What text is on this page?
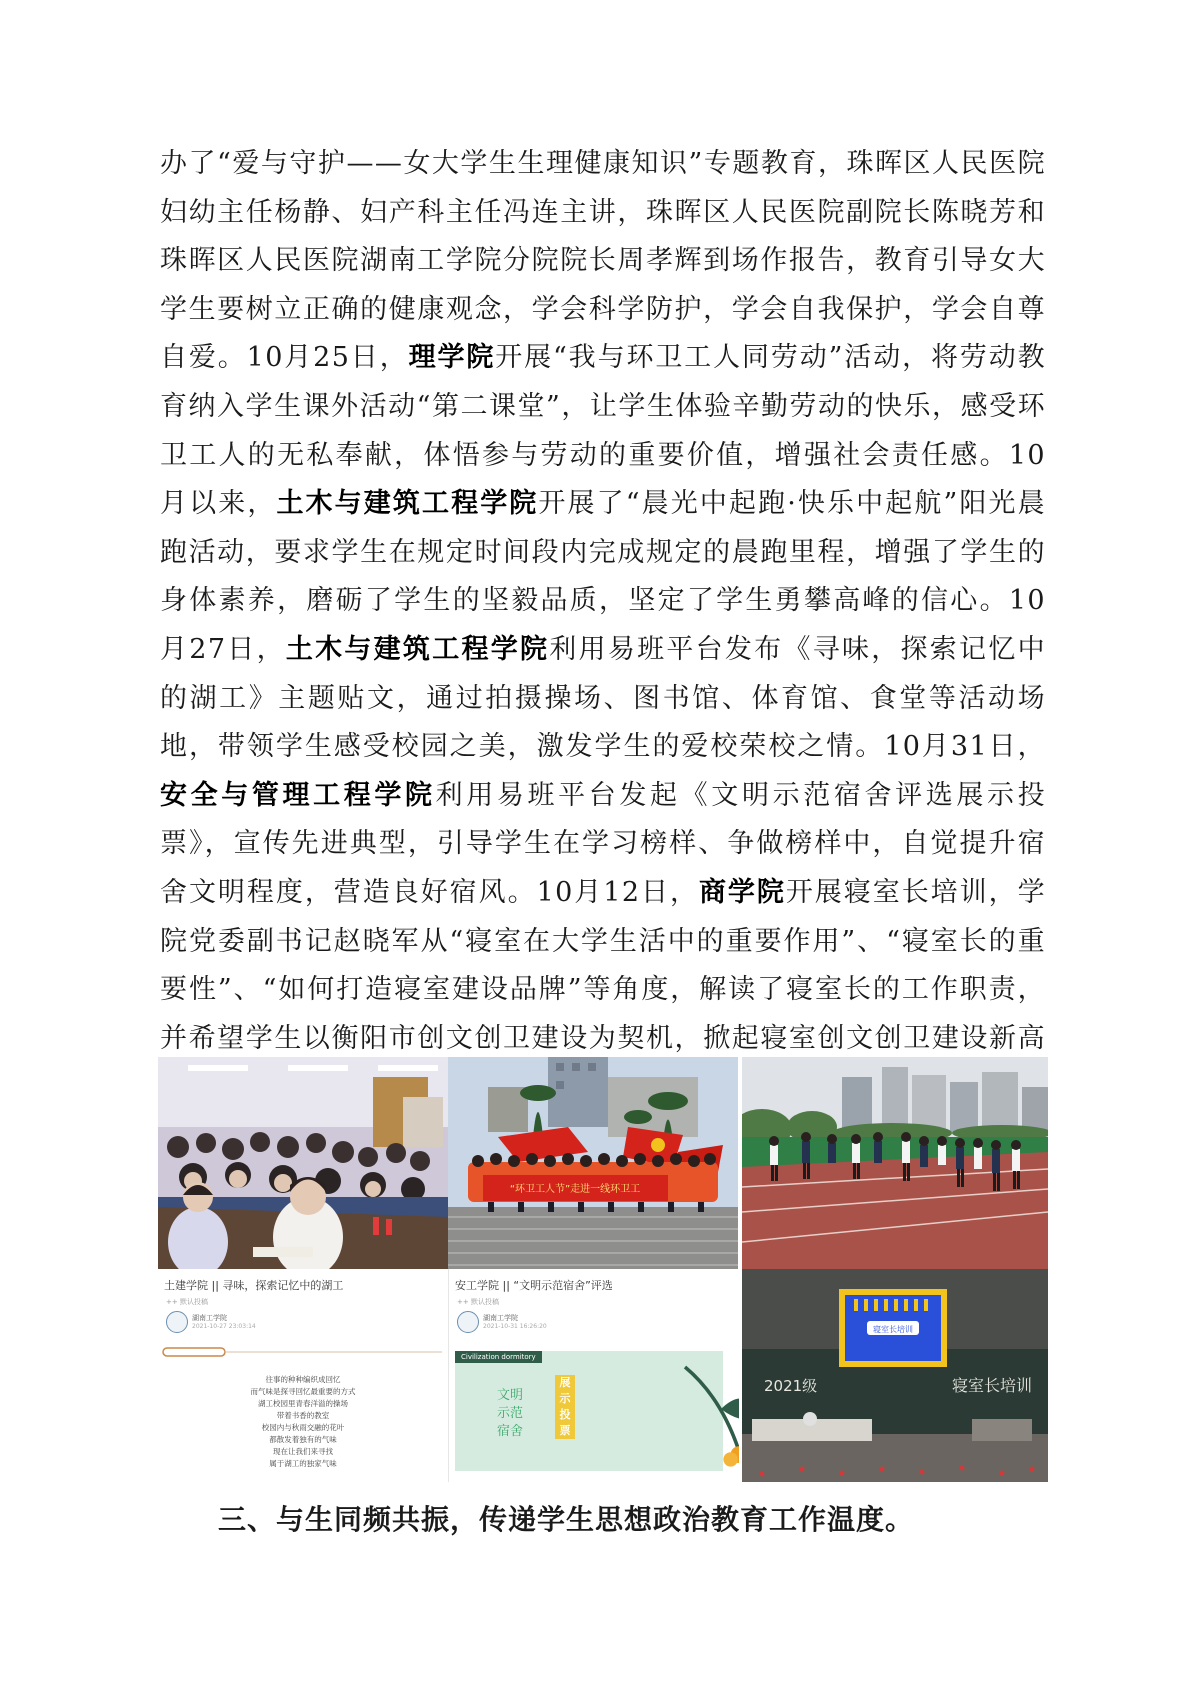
办了“爱与守护——女大学生生理健康知识”专题教育，珠晖区人民医院妇幼主任杨静、妇产科主任冯连主讲，珠晖区人民医院副院长陈晓芳和珠晖区人民医院湖南工学院分院院长周孝辉到场作报告，教育引导女大学生要树立正确的健康观念，学会科学防护，学会自我保护，学会自尊自爱。10月25日，理学院开展“我与环卫工人同劳动”活动，将劳动教育纳入学生课外活动“第二课堂”，让学生体验辛勤劳动的快乐，感受环卫工人的无私奉献，体悟参与劳动的重要价值，增强社会责任感。10月以来，土木与建筑工程学院开展了“晨光中起跑·快乐中起航”阳光晨跑活动，要求学生在规定时间段内完成规定的晨跑里程，增强了学生的身体素养，磨砺了学生的坚毅品质，坚定了学生勇攀高峰的信心。10月27日，土木与建筑工程学院利用易班平台发布《寻味，探索记忆中的湖工》主题贴文，通过拍摄操场、图书馆、体育馆、食堂等活动场地，带领学生感受校园之美，激发学生的爱校荣校之情。10月31日，安全与管理工程学院利用易班平台发起《文明示范宿舍评选展示投票》，宣传先进典型，引导学生在学习榜样、争做榜样中，自觉提升宿舍文明程度，营造良好宿风。10月12日，商学院开展寝室长培训，学院党委副书记赵晓军从“寝室在大学生活中的重要作用”、“寝室长的重要性”、“如何打造寝室建设品牌”等角度，解读了寝室长的工作职责，并希望学生以衡阳市创文创卫建设为契机，掀起寝室创文创卫建设新高

“环卫工人节”走进一线环卫工
土建学院 || 寻味，探索记忆中的湖工
++ 默认投稿
湖南工学院
2021-10-27 23:03:14
往事的种种编织成回忆
而气味是探寻回忆最重要的方式
湖工校园里青春洋溢的操场
带着书香的教室
校园内与秋雨交融的花叶
都散发着独有的气味
现在让我们来寻找
属于湖工的独家气味
安工学院 || “文明示范宿舍”评选
++ 默认投稿
湖南工学院
2021-10-31 16:26:20
Civilization dormitory
文明
示范
宿舍
展
示
投
票
寝室长培训
2021级	寝室长培训
三、与生同频共振，传递学生思想政治教育工作温度。
